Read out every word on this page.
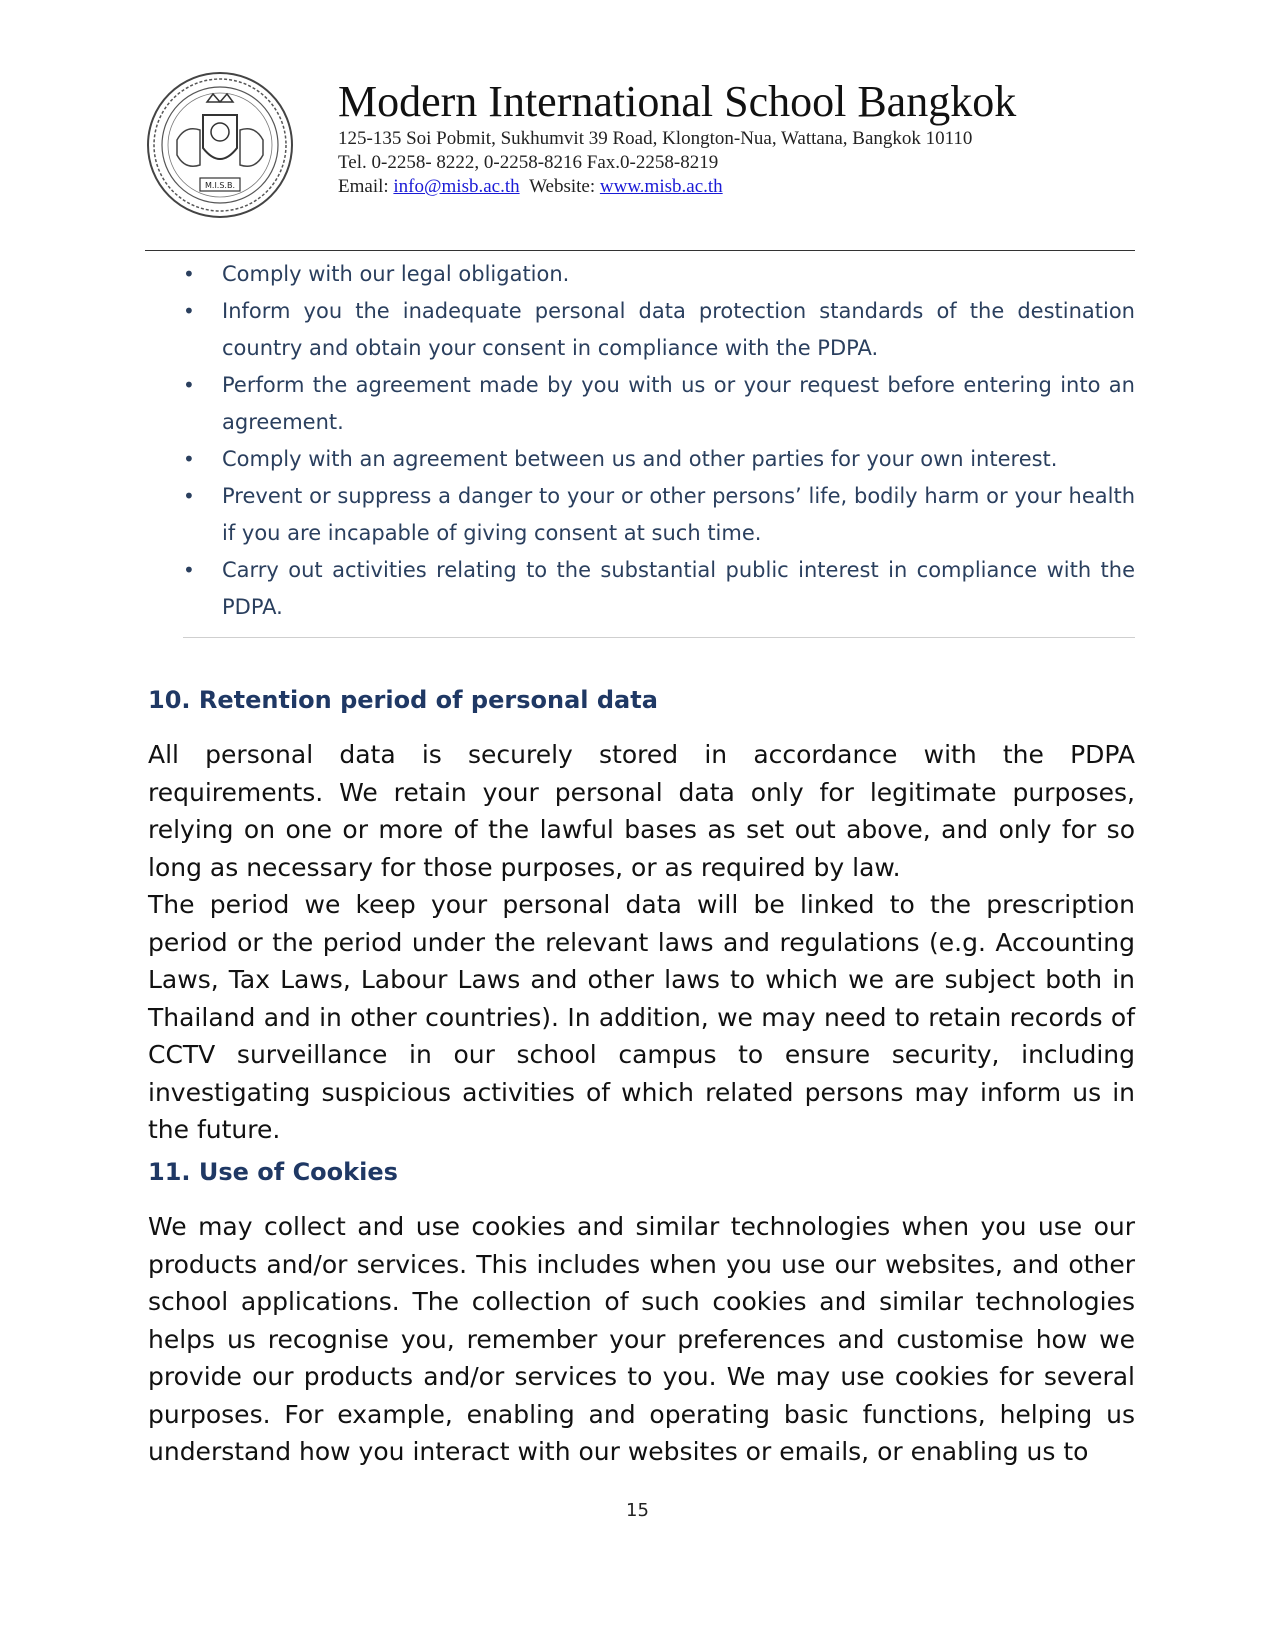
M.I.S.B.
Modern International School Bangkok
125-135 Soi Pobmit, Sukhumvit 39 Road, Klongton-Nua, Wattana, Bangkok 10110
Tel. 0-2258- 8222, 0-2258-8216 Fax.0-2258-8219
Email: info@misb.ac.th Website: www.misb.ac.th
• Comply with our legal obligation.
• Inform you the inadequate personal data protection standards of the destination country and obtain your consent in compliance with the PDPA.
• Perform the agreement made by you with us or your request before entering into an agreement.
• Comply with an agreement between us and other parties for your own interest.
• Prevent or suppress a danger to your or other persons’ life, bodily harm or your health if you are incapable of giving consent at such time.
• Carry out activities relating to the substantial public interest in compliance with the PDPA.
10. Retention period of personal data

All personal data is securely stored in accordance with the PDPA requirements. We retain your personal data only for legitimate purposes, relying on one or more of the lawful bases as set out above, and only for so long as necessary for those purposes, or as required by law.

The period we keep your personal data will be linked to the prescription period or the period under the relevant laws and regulations (e.g. Accounting Laws, Tax Laws, Labour Laws and other laws to which we are subject both in Thailand and in other countries). In addition, we may need to retain records of CCTV surveillance in our school campus to ensure security, including investigating suspicious activities of which related persons may inform us in the future.

11. Use of Cookies

We may collect and use cookies and similar technologies when you use our products and/or services. This includes when you use our websites, and other school applications. The collection of such cookies and similar technologies helps us recognise you, remember your preferences and customise how we provide our products and/or services to you. We may use cookies for several purposes. For example, enabling and operating basic functions, helping us understand how you interact with our websites or emails, or enabling us to

15
